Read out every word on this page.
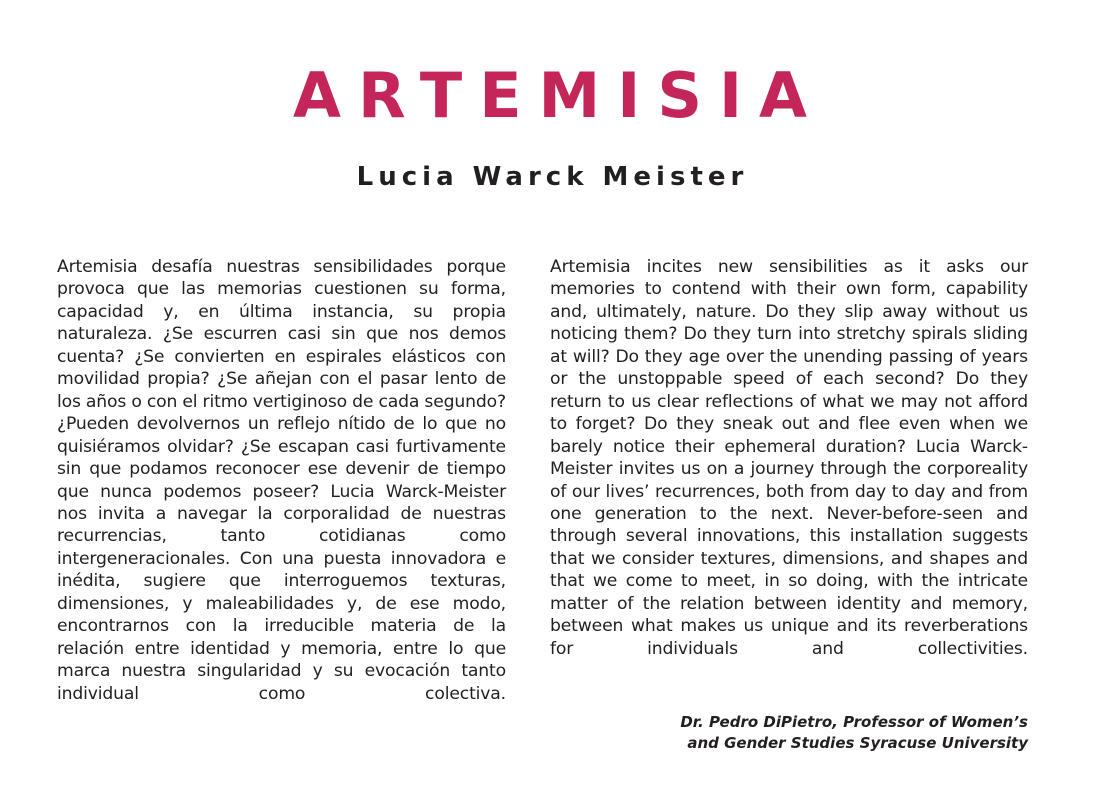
ARTEMISIA
Lucia Warck Meister
Artemisia desafía nuestras sensibilidades porque provoca que las memorias cuestionen su forma, capacidad y, en última instancia, su propia naturaleza. ¿Se escurren casi sin que nos demos cuenta? ¿Se convierten en espirales elásticos con movilidad propia? ¿Se añejan con el pasar lento de los años o con el ritmo vertiginoso de cada segundo? ¿Pueden devolvernos un reflejo nítido de lo que no quisiéramos olvidar? ¿Se escapan casi furtivamente sin que podamos reconocer ese devenir de tiempo que nunca podemos poseer? Lucia Warck-Meister nos invita a navegar la corporalidad de nuestras recurrencias, tanto cotidianas como intergeneracionales. Con una puesta innovadora e inédita, sugiere que interroguemos texturas, dimensiones, y maleabilidades y, de ese modo, encontrarnos con la irreducible materia de la relación entre identidad y memoria, entre lo que marca nuestra singularidad y su evocación tanto individual como colectiva.
Artemisia incites new sensibilities as it asks our memories to contend with their own form, capability and, ultimately, nature. Do they slip away without us noticing them? Do they turn into stretchy spirals sliding at will? Do they age over the unending passing of years or the unstoppable speed of each second? Do they return to us clear reflections of what we may not afford to forget? Do they sneak out and flee even when we barely notice their ephemeral duration? Lucia Warck-Meister invites us on a journey through the corporeality of our lives’ recurrences, both from day to day and from one generation to the next. Never-before-seen and through several innovations, this installation suggests that we consider textures, dimensions, and shapes and that we come to meet, in so doing, with the intricate matter of the relation between identity and memory, between what makes us unique and its reverberations for individuals and collectivities.
Dr. Pedro DiPietro, Professor of Women’s
and Gender Studies Syracuse University
